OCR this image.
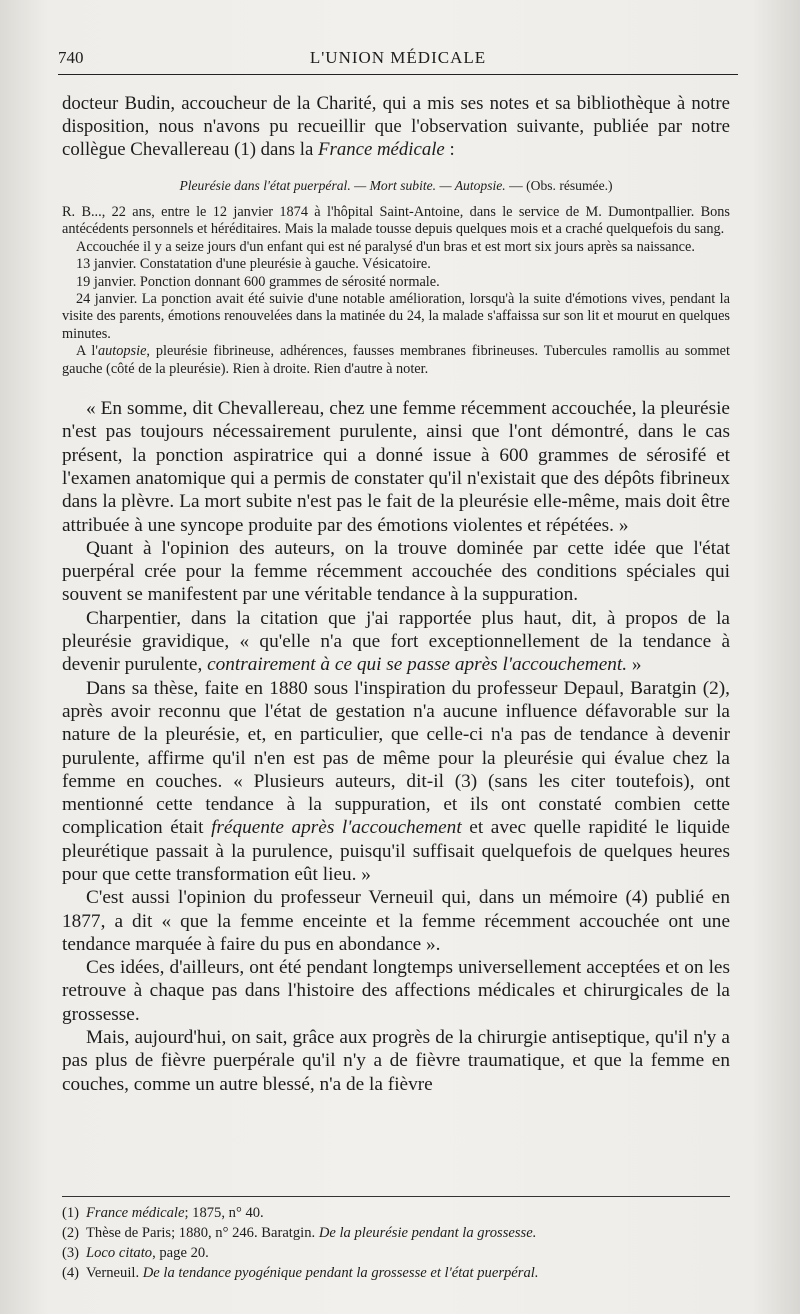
740	L'UNION MÉDICALE

docteur Budin, accoucheur de la Charité, qui a mis ses notes et sa bibliothèque à notre disposition, nous n'avons pu recueillir que l'observation suivante, publiée par notre collègue Chevallereau (1) dans la France médicale :

Pleurésie dans l'état puerpéral. — Mort subite. — Autopsie. — (Obs. résumée.)

R. B..., 22 ans, entre le 12 janvier 1874 à l'hôpital Saint-Antoine, dans le service de M. Dumontpallier. Bons antécédents personnels et héréditaires. Mais la malade tousse depuis quelques mois et a craché quelquefois du sang.

Accouchée il y a seize jours d'un enfant qui est né paralysé d'un bras et est mort six jours après sa naissance.

13 janvier. Constatation d'une pleurésie à gauche. Vésicatoire.

19 janvier. Ponction donnant 600 grammes de sérosité normale.

24 janvier. La ponction avait été suivie d'une notable amélioration, lorsqu'à la suite d'émotions vives, pendant la visite des parents, émotions renouvelées dans la matinée du 24, la malade s'affaissa sur son lit et mourut en quelques minutes.

A l'autopsie, pleurésie fibrineuse, adhérences, fausses membranes fibrineuses. Tubercules ramollis au sommet gauche (côté de la pleurésie). Rien à droite. Rien d'autre à noter.

« En somme, dit Chevallereau, chez une femme récemment accouchée, la pleurésie n'est pas toujours nécessairement purulente, ainsi que l'ont démontré, dans le cas présent, la ponction aspiratrice qui a donné issue à 600 grammes de sérosifé et l'examen anatomique qui a permis de constater qu'il n'existait que des dépôts fibrineux dans la plèvre. La mort subite n'est pas le fait de la pleurésie elle-même, mais doit être attribuée à une syncope produite par des émotions violentes et répétées. »

Quant à l'opinion des auteurs, on la trouve dominée par cette idée que l'état puerpéral crée pour la femme récemment accouchée des conditions spéciales qui souvent se manifestent par une véritable tendance à la suppuration.

Charpentier, dans la citation que j'ai rapportée plus haut, dit, à propos de la pleurésie gravidique, « qu'elle n'a que fort exceptionnellement de la tendance à devenir purulente, contrairement à ce qui se passe après l'accouchement. »

Dans sa thèse, faite en 1880 sous l'inspiration du professeur Depaul, Baratgin (2), après avoir reconnu que l'état de gestation n'a aucune influence défavorable sur la nature de la pleurésie, et, en particulier, que celle-ci n'a pas de tendance à devenir purulente, affirme qu'il n'en est pas de même pour la pleurésie qui évalue chez la femme en couches. « Plusieurs auteurs, dit-il (3) (sans les citer toutefois), ont mentionné cette tendance à la suppuration, et ils ont constaté combien cette complication était fréquente après l'accouchement et avec quelle rapidité le liquide pleurétique passait à la purulence, puisqu'il suffisait quelquefois de quelques heures pour que cette transformation eût lieu. »

C'est aussi l'opinion du professeur Verneuil qui, dans un mémoire (4) publié en 1877, a dit « que la femme enceinte et la femme récemment accouchée ont une tendance marquée à faire du pus en abondance ».

Ces idées, d'ailleurs, ont été pendant longtemps universellement acceptées et on les retrouve à chaque pas dans l'histoire des affections médicales et chirurgicales de la grossesse.

Mais, aujourd'hui, on sait, grâce aux progrès de la chirurgie antiseptique, qu'il n'y a pas plus de fièvre puerpérale qu'il n'y a de fièvre traumatique, et que la femme en couches, comme un autre blessé, n'a de la fièvre

(1) France médicale; 1875, n° 40.
(2) Thèse de Paris; 1880, n° 246. Baratgin. De la pleurésie pendant la grossesse.
(3) Loco citato, page 20.
(4) Verneuil. De la tendance pyogénique pendant la grossesse et l'état puerpéral.
